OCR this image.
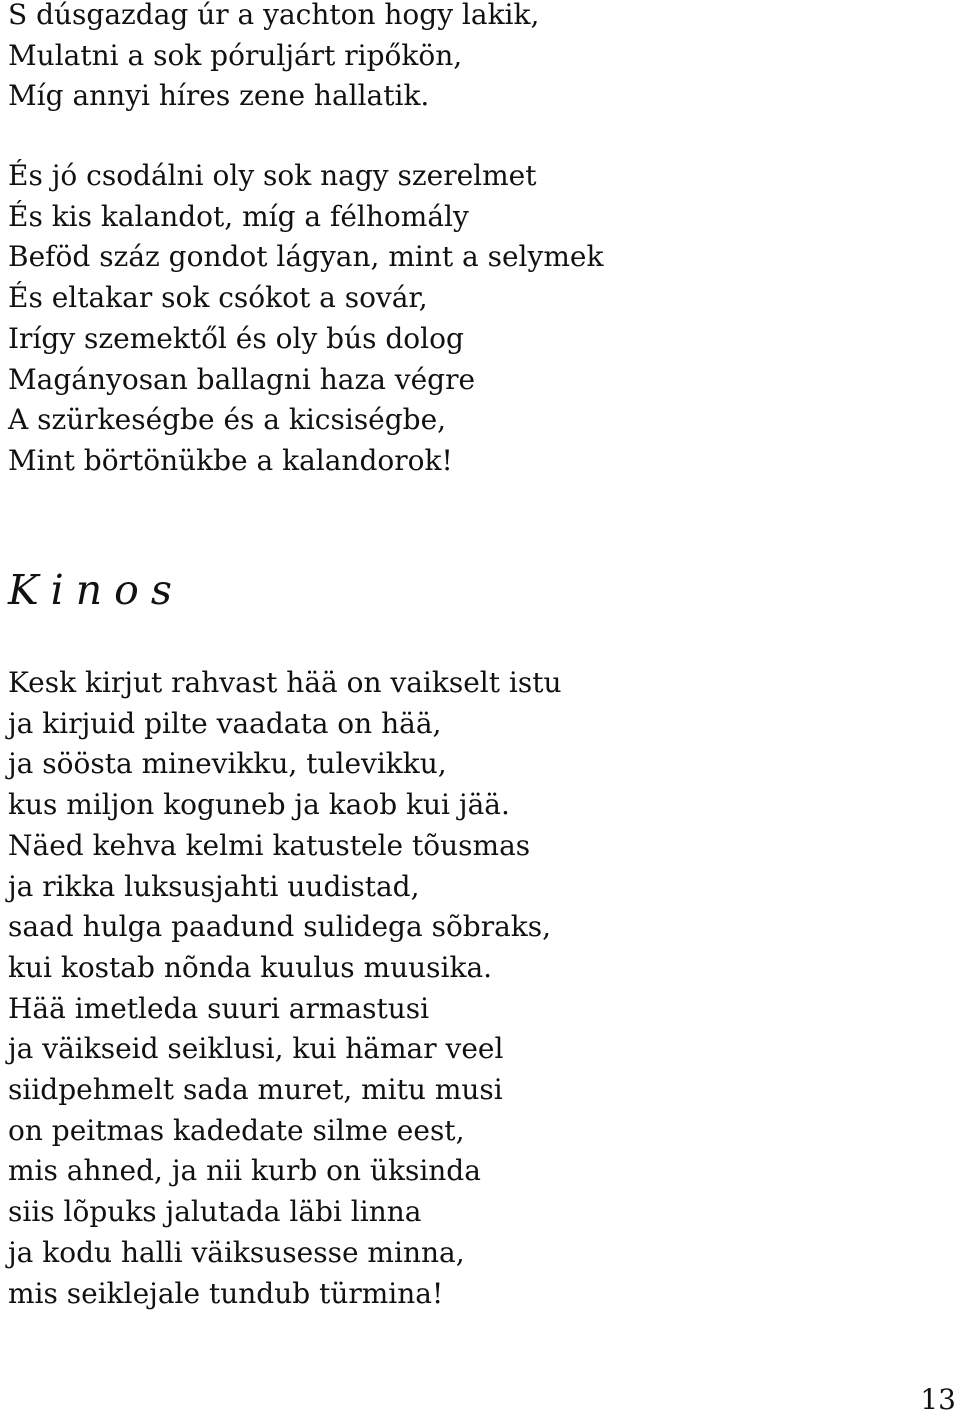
S dúsgazdag úr a yachton hogy lakik,
Mulatni a sok póruljárt ripőkön,
Míg annyi híres zene hallatik.
És jó csodálni oly sok nagy szerelmet
És kis kalandot, míg a félhomály
Beföd száz gondot lágyan, mint a selymek
És eltakar sok csókot a sovár,
Irígy szemektől és oly bús dolog
Magányosan ballagni haza végre
A szürkeségbe és a kicsiségbe,
Mint börtönükbe a kalandorok!
Kinos
Kesk kirjut rahvast hää on vaikselt istu
ja kirjuid pilte vaadata on hää,
ja söösta minevikku, tulevikku,
kus miljon koguneb ja kaob kui jää.
Näed kehva kelmi katustele tõusmas
ja rikka luksusjahti uudistad,
saad hulga paadund sulidega sõbraks,
kui kostab nõnda kuulus muusika.
Hää imetleda suuri armastusi
ja väikseid seiklusi, kui hämar veel
siidpehmelt sada muret, mitu musi
on peitmas kadedate silme eest,
mis ahned, ja nii kurb on üksinda
siis lõpuks jalutada läbi linna
ja kodu halli väiksusesse minna,
mis seiklejale tundub türmina!
13
